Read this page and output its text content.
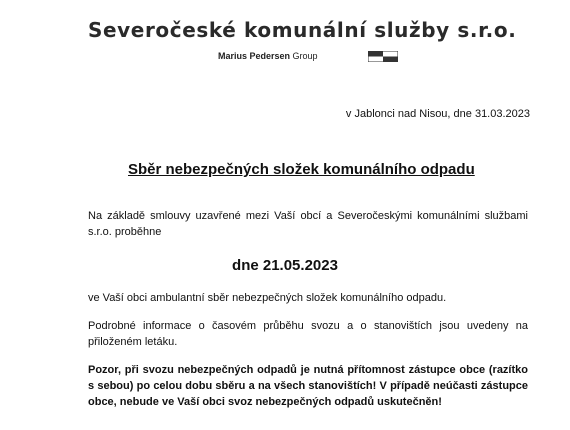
Severočeské komunální služby s.r.o.
Marius Pedersen Group
v Jablonci nad Nisou, dne 31.03.2023
Sběr nebezpečných složek komunálního odpadu
Na základě smlouvy uzavřené mezi Vaší obcí a Severočeskými komunálními službami s.r.o. proběhne
dne 21.05.2023
ve Vaší obci ambulantní sběr nebezpečných složek komunálního odpadu.
Podrobné informace o časovém průběhu svozu a o stanovištích jsou uvedeny na přiloženém letáku.
Pozor, při svozu nebezpečných odpadů je nutná přítomnost zástupce obce (razítko s sebou) po celou dobu sběru a na všech stanovištích! V případě neúčasti zástupce obce, nebude ve Vaší obci svoz nebezpečných odpadů uskutečněn!
